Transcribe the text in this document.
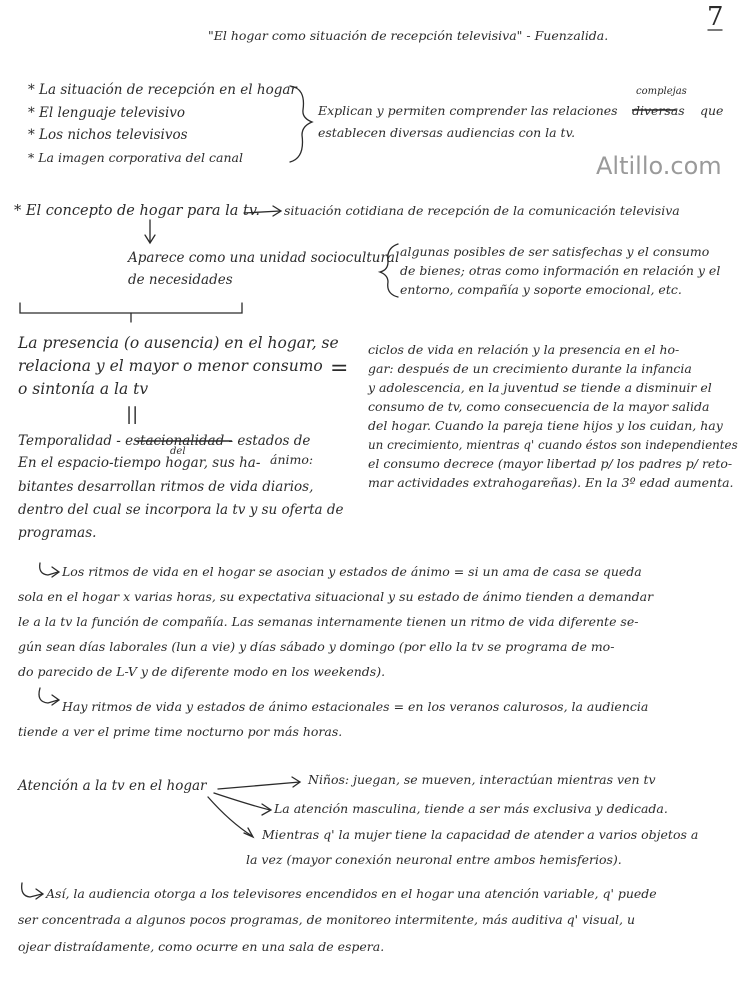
7
"El hogar como situación de recepción televisiva" - Fuenzalida.
Altillo.com
* La situación de recepción en el hogar
* El lenguaje televisivo
* Los nichos televisivos
* La imagen corporativa del canal
Explican y permiten comprender las relaciones diversas
complejas
que
establecen diversas audiencias con la tv.
* El concepto de hogar para la tv. situación cotidiana de recepción de la comunicación televisiva
Aparece como una unidad sociocultural
de necesidades
algunas posibles de ser satisfechas y el consumo
de bienes; otras como información en relación y el
entorno, compañía y soporte emocional, etc.
La presencia (o ausencia) en el hogar, se
relaciona y el mayor o menor consumo
o sintonía a la tv
=
||
ciclos de vida en relación y la presencia en el ho-
gar: después de un crecimiento durante la infancia
y adolescencia, en la juventud se tiende a disminuir el
consumo de tv, como consecuencia de la mayor salida
del hogar. Cuando la pareja tiene hijos y los cuidan, hay
un crecimiento, mientras q' cuando éstos son independientes
el consumo decrece (mayor libertad p/ los padres p/ reto-
mar actividades extrahogareñas). En la 3º edad aumenta.
Temporalidad - estacionalidad - estados de
del
En el espacio-tiempo hogar, sus ha- ánimo:
bitantes desarrollan ritmos de vida diarios,
dentro del cual se incorpora la tv y su oferta de
programas.
Los ritmos de vida en el hogar se asocian y estados de ánimo = si un ama de casa se queda
sola en el hogar x varias horas, su expectativa situacional y su estado de ánimo tienden a demandar
le a la tv la función de compañía. Las semanas internamente tienen un ritmo de vida diferente se-
gún sean días laborales (lun a vie) y días sábado y domingo (por ello la tv se programa de mo-
do parecido de L-V y de diferente modo en los weekends).
Hay ritmos de vida y estados de ánimo estacionales = en los veranos calurosos, la audiencia
tiende a ver el prime time nocturno por más horas.
Atención a la tv en el hogar	Niños: juegan, se mueven, interactúan mientras ven tv
La atención masculina, tiende a ser más exclusiva y dedicada.
Mientras q' la mujer tiene la capacidad de atender a varios objetos a
la vez (mayor conexión neuronal entre ambos hemisferios).
Así, la audiencia otorga a los televisores encendidos en el hogar una atención variable, q' puede
ser concentrada a algunos pocos programas, de monitoreo intermitente, más auditiva q' visual, u
ojear distraídamente, como ocurre en una sala de espera.
